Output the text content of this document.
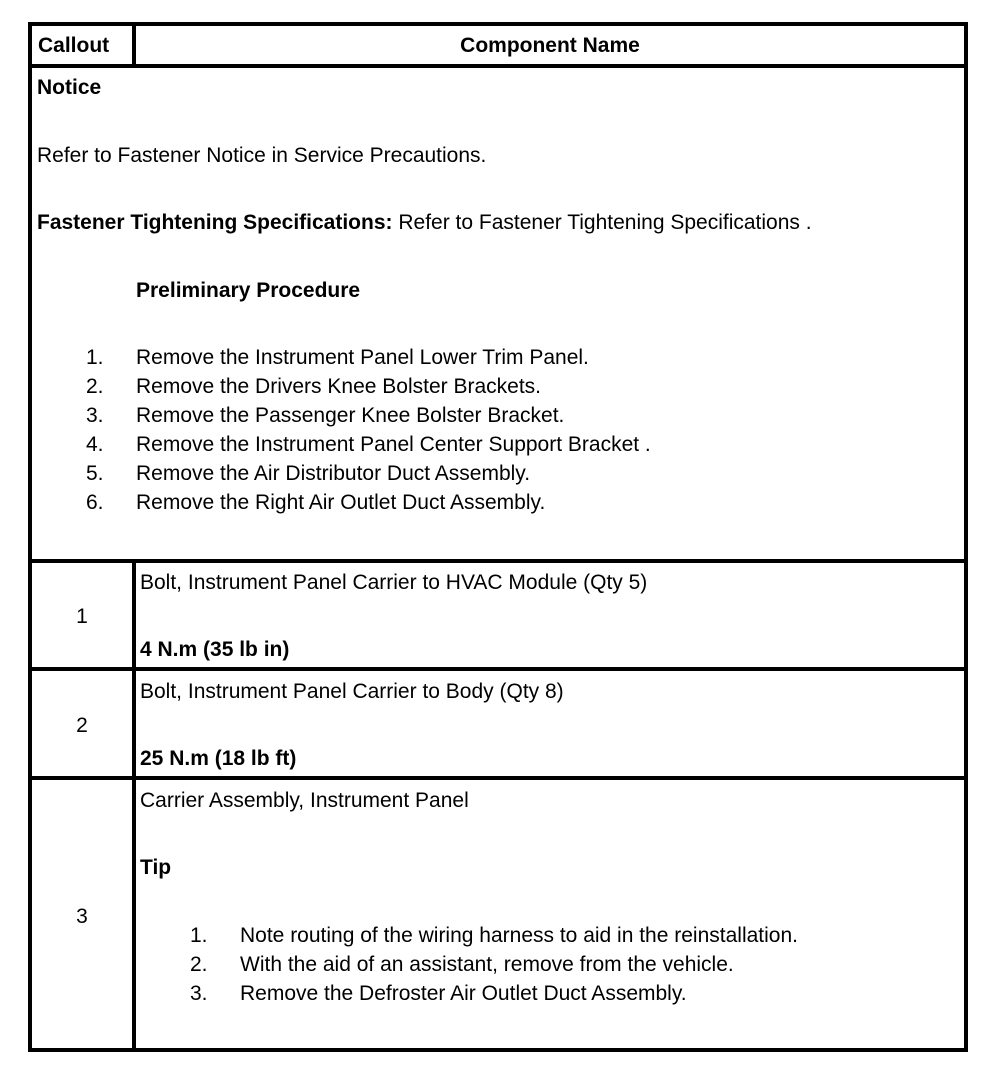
Callout	Component Name
Notice
Refer to Fastener Notice in Service Precautions.
Fastener Tightening Specifications: Refer to Fastener Tightening Specifications .
Preliminary Procedure
1. Remove the Instrument Panel Lower Trim Panel.
2. Remove the Drivers Knee Bolster Brackets.
3. Remove the Passenger Knee Bolster Bracket.
4. Remove the Instrument Panel Center Support Bracket .
5. Remove the Air Distributor Duct Assembly.
6. Remove the Right Air Outlet Duct Assembly.
1
Bolt, Instrument Panel Carrier to HVAC Module (Qty 5)
4 N.m (35 lb in)
2
Bolt, Instrument Panel Carrier to Body (Qty 8)
25 N.m (18 lb ft)
3
Carrier Assembly, Instrument Panel
Tip
1. Note routing of the wiring harness to aid in the reinstallation.
2. With the aid of an assistant, remove from the vehicle.
3. Remove the Defroster Air Outlet Duct Assembly.
